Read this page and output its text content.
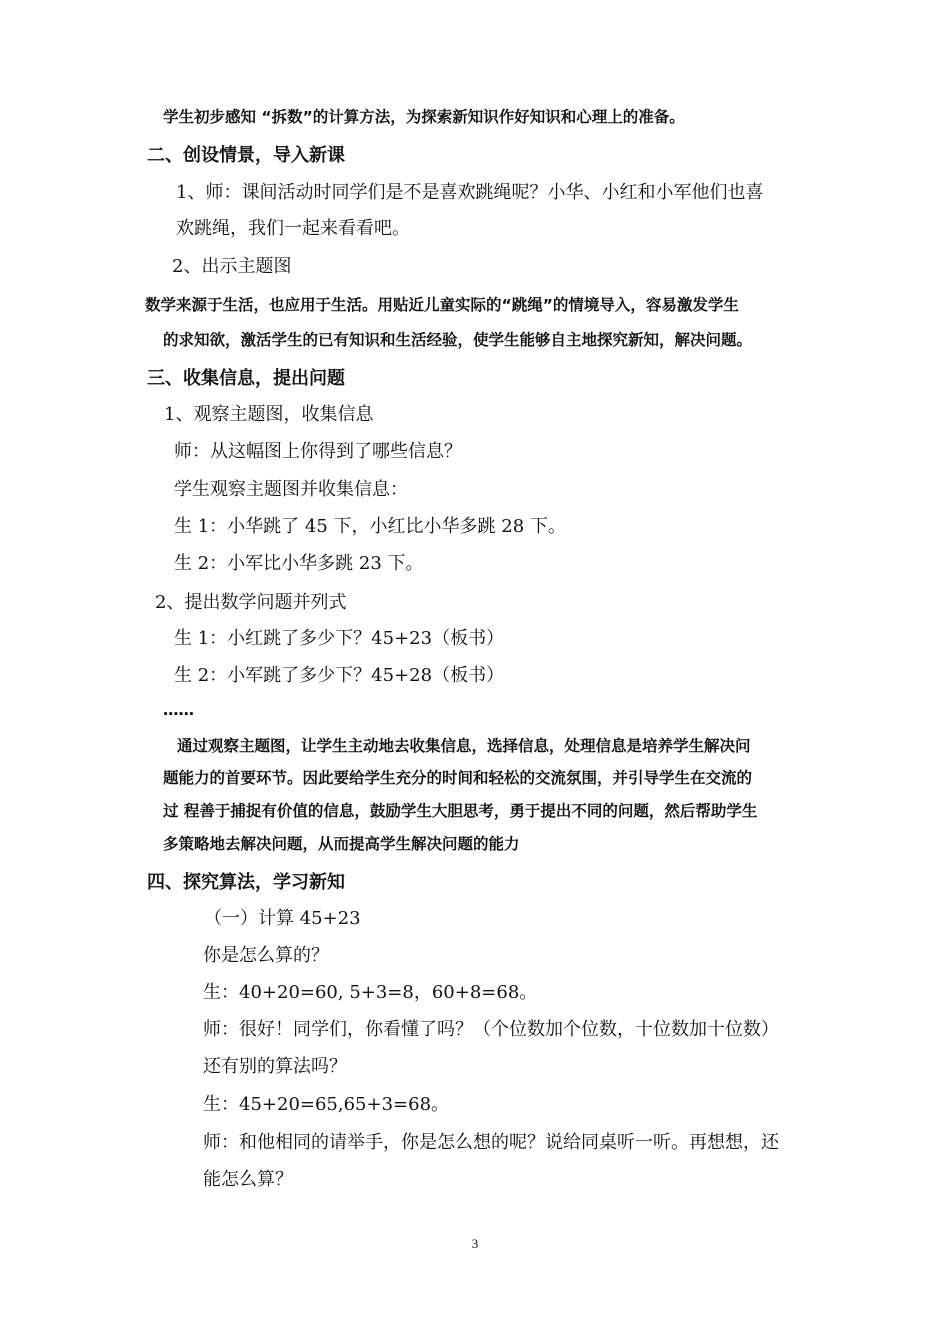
学生初步感知 “拆数”的计算方法，为探索新知识作好知识和心理上的准备。
二、创设情景，导入新课
1、师：课间活动时同学们是不是喜欢跳绳呢？小华、小红和小军他们也喜
欢跳绳，我们一起来看看吧。
2、出示主题图
数学来源于生活，也应用于生活。用贴近儿童实际的“跳绳”的情境导入，容易激发学生
的求知欲，激活学生的已有知识和生活经验，使学生能够自主地探究新知，解决问题。
三、收集信息，提出问题
1、观察主题图，收集信息
师：从这幅图上你得到了哪些信息？
学生观察主题图并收集信息：
生 1：小华跳了 45 下，小红比小华多跳 28 下。
生 2：小军比小华多跳 23 下。
2、提出数学问题并列式
生 1：小红跳了多少下？45+23（板书）
生 2：小军跳了多少下？45+28（板书）
……
通过观察主题图，让学生主动地去收集信息，选择信息，处理信息是培养学生解决问
题能力的首要环节。因此要给学生充分的时间和轻松的交流氛围，并引导学生在交流的
过 程善于捕捉有价值的信息，鼓励学生大胆思考，勇于提出不同的问题，然后帮助学生
多策略地去解决问题，从而提高学生解决问题的能力
四、探究算法，学习新知
（一）计算 45+23
你是怎么算的？
生：40+20=60, 5+3=8，60+8=68。
师：很好！同学们，你看懂了吗？（个位数加个位数，十位数加十位数）
还有别的算法吗？
生：45+20=65,65+3=68。
师：和他相同的请举手，你是怎么想的呢？说给同桌听一听。再想想，还
能怎么算？
3
